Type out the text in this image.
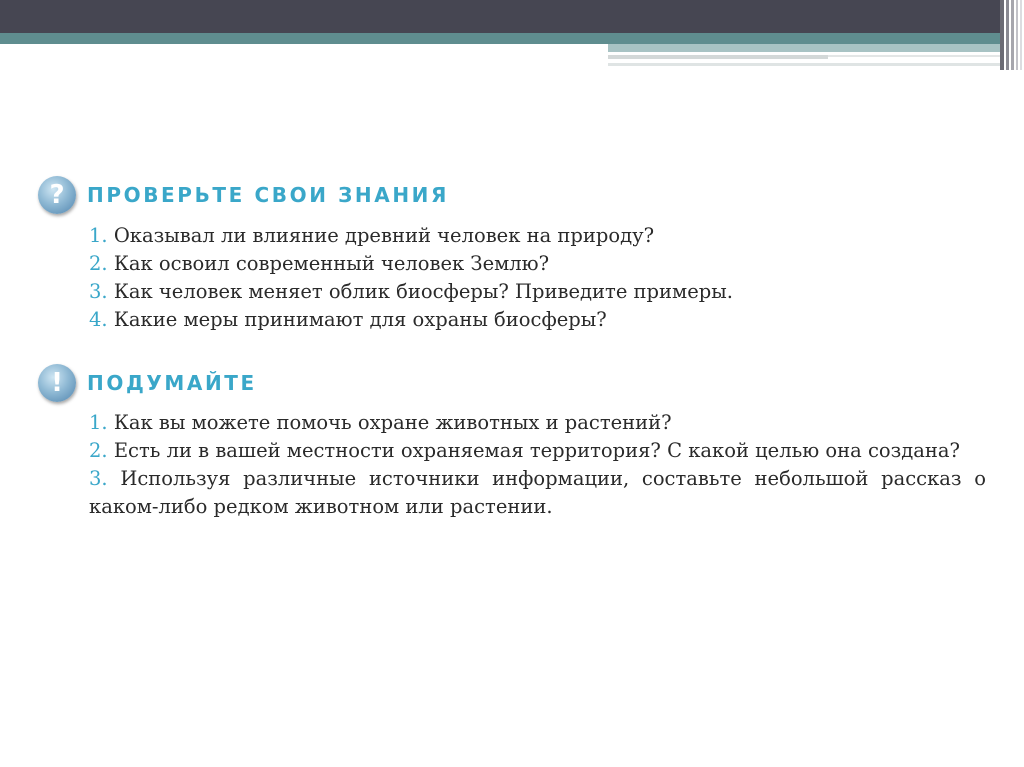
?	ПРОВЕРЬТЕ СВОИ ЗНАНИЯ
1. Оказывал ли влияние древний человек на природу?
2. Как освоил современный человек Землю?
3. Как человек меняет облик биосферы? Приведите примеры.
4. Какие меры принимают для охраны биосферы?
!	ПОДУМАЙТЕ
1. Как вы можете помочь охране животных и растений?
2. Есть ли в вашей местности охраняемая территория? С какой целью она создана?
3. Используя различные источники информации, составьте небольшой рассказ о каком-либо редком животном или растении.
